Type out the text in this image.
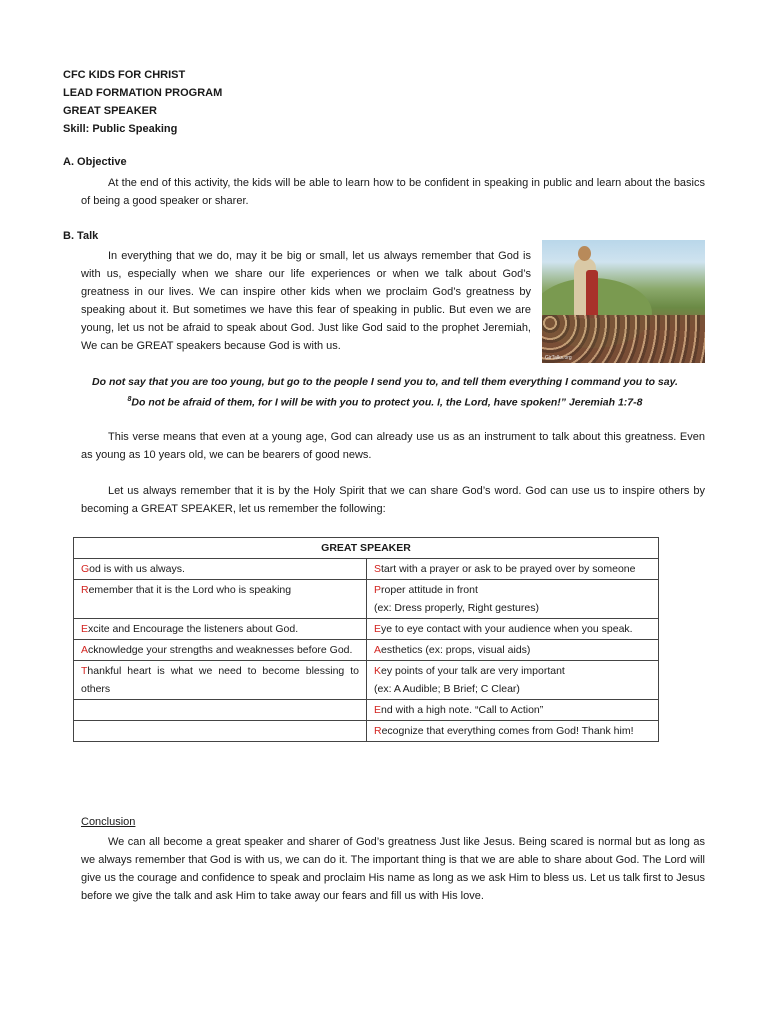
CFC KIDS FOR CHRIST
LEAD FORMATION PROGRAM
GREAT SPEAKER
Skill: Public Speaking
A. Objective
At the end of this activity, the kids will be able to learn how to be confident in speaking in public and learn about the basics of being a good speaker or sharer.
B. Talk
In everything that we do, may it be big or small, let us always remember that God is with us, especially when we share our life experiences or when we talk about God’s greatness in our lives. We can inspire other kids when we proclaim God’s greatness by speaking about it. But sometimes we have this fear of speaking in public. But even we are young, let us not be afraid to speak about God. Just like God said to the prophet Jeremiah, We can be GREAT speakers because God is with us.
GirTalks.org
Do not say that you are too young, but go to the people I send you to, and tell them everything I command you to say.
$^8$Do not be afraid of them, for I will be with you to protect you. I, the Lord, have spoken!” Jeremiah 1:7-8
This verse means that even at a young age, God can already use us as an instrument to talk about this greatness. Even as young as 10 years old, we can be bearers of good news.
Let us always remember that it is by the Holy Spirit that we can share God’s word. God can use us to inspire others by becoming a GREAT SPEAKER, let us remember the following:
GREAT SPEAKER	
God is with us always.	Start with a prayer or ask to be prayed over by someone
Remember that it is the Lord who is speaking	Proper attitude in front
(ex: Dress properly, Right gestures)

Excite and Encourage the listeners about God.	Eye to eye contact with your audience when you speak.
Acknowledge your strengths and weaknesses before God.	Aesthetics (ex: props, visual aids)
Thankful heart is what we need to become blessing to others	Key points of your talk are very important
(ex: A Audible; B Brief; C Clear)

	End with a high note. “Call to Action”
	Recognize that everything comes from God! Thank him!
Conclusion
We can all become a great speaker and sharer of God’s greatness Just like Jesus. Being scared is normal but as long as we always remember that God is with us, we can do it. The important thing is that we are able to share about God. The Lord will give us the courage and confidence to speak and proclaim His name as long as we ask Him to bless us. Let us talk first to Jesus before we give the talk and ask Him to take away our fears and fill us with His love.
